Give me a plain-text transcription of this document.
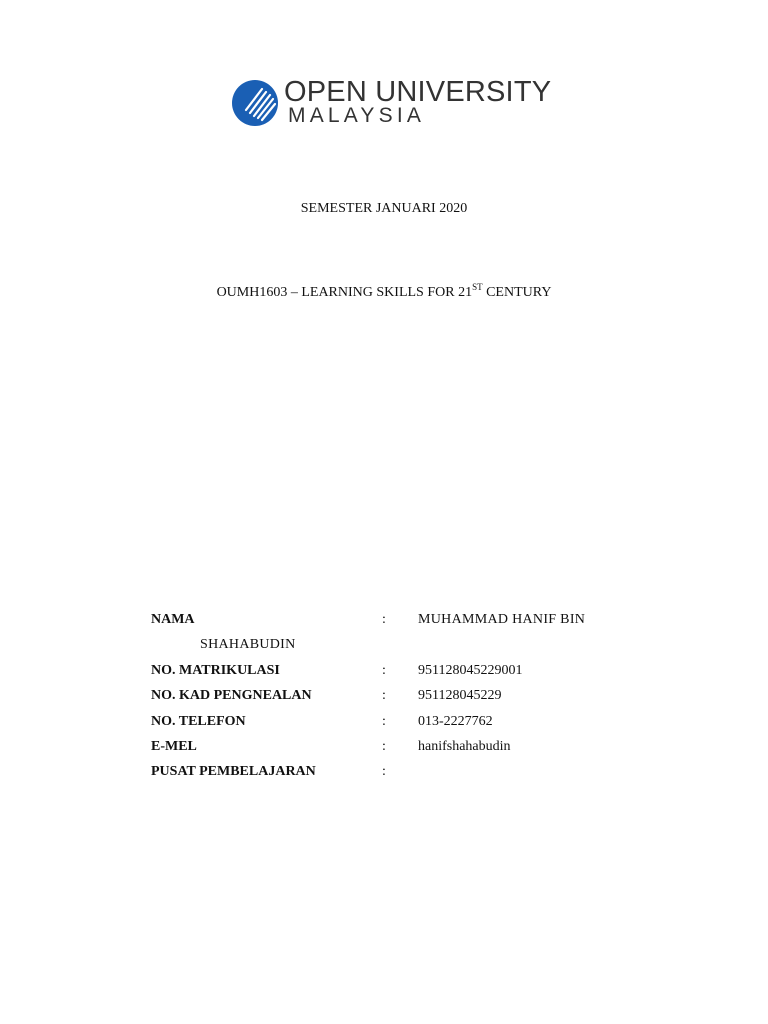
OPEN UNIVERSITY
MALAYSIA
SEMESTER JANUARI 2020
OUMH1603 – LEARNING SKILLS FOR 21ST CENTURY
NAMA	: MUHAMMAD HANIF BIN
SHAHABUDIN
NO. MATRIKULASI	: 951128045229001
NO. KAD PENGNEALAN	: 951128045229
NO. TELEFON	: 013-2227762
E-MEL	: hanifshahabudin
PUSAT PEMBELAJARAN	:
